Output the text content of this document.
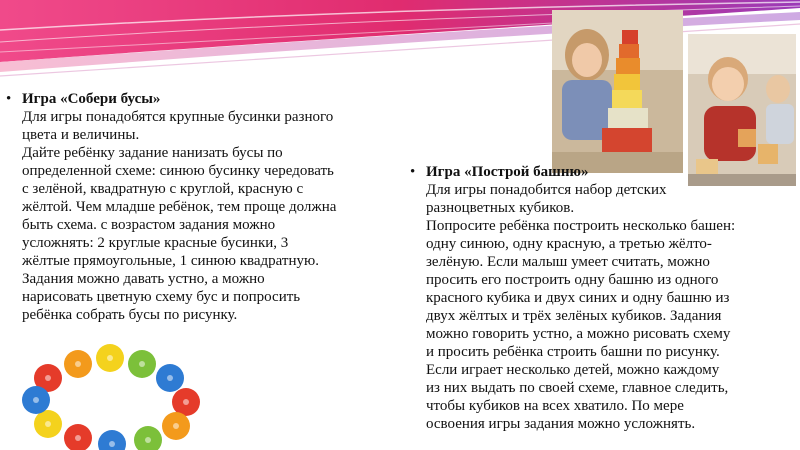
• Игра «Собери бусы»
Для игры понадобятся крупные бусинки разного
цвета и величины.
Дайте ребёнку задание нанизать бусы по
определенной схеме: синюю бусинку чередовать
с зелёной, квадратную с круглой, красную с
жёлтой. Чем младше ребёнок, тем проще должна
быть схема. с возрастом задания можно
усложнять: 2 круглые красные бусинки, 3
жёлтые прямоугольные, 1 синюю квадратную.
Задания можно давать устно, а можно
нарисовать цветную схему бус и попросить
ребёнка собрать бусы по рисунку.
• Игра «Построй башню»
Для игры понадобится набор детских
разноцветных кубиков.
Попросите ребёнка построить несколько башен:
одну синюю, одну красную, а третью жёлто-
зелёную. Если малыш умеет считать, можно
просить его построить одну башню из одного
красного кубика и двух синих и одну башню из
двух жёлтых и трёх зелёных кубиков. Задания
можно говорить устно, а можно рисовать схему
и просить ребёнка строить башни по рисунку.
Если играет несколько детей, можно каждому
из них выдать по своей схеме, главное следить,
чтобы кубиков на всех хватило. По мере
освоения игры задания можно усложнять.
